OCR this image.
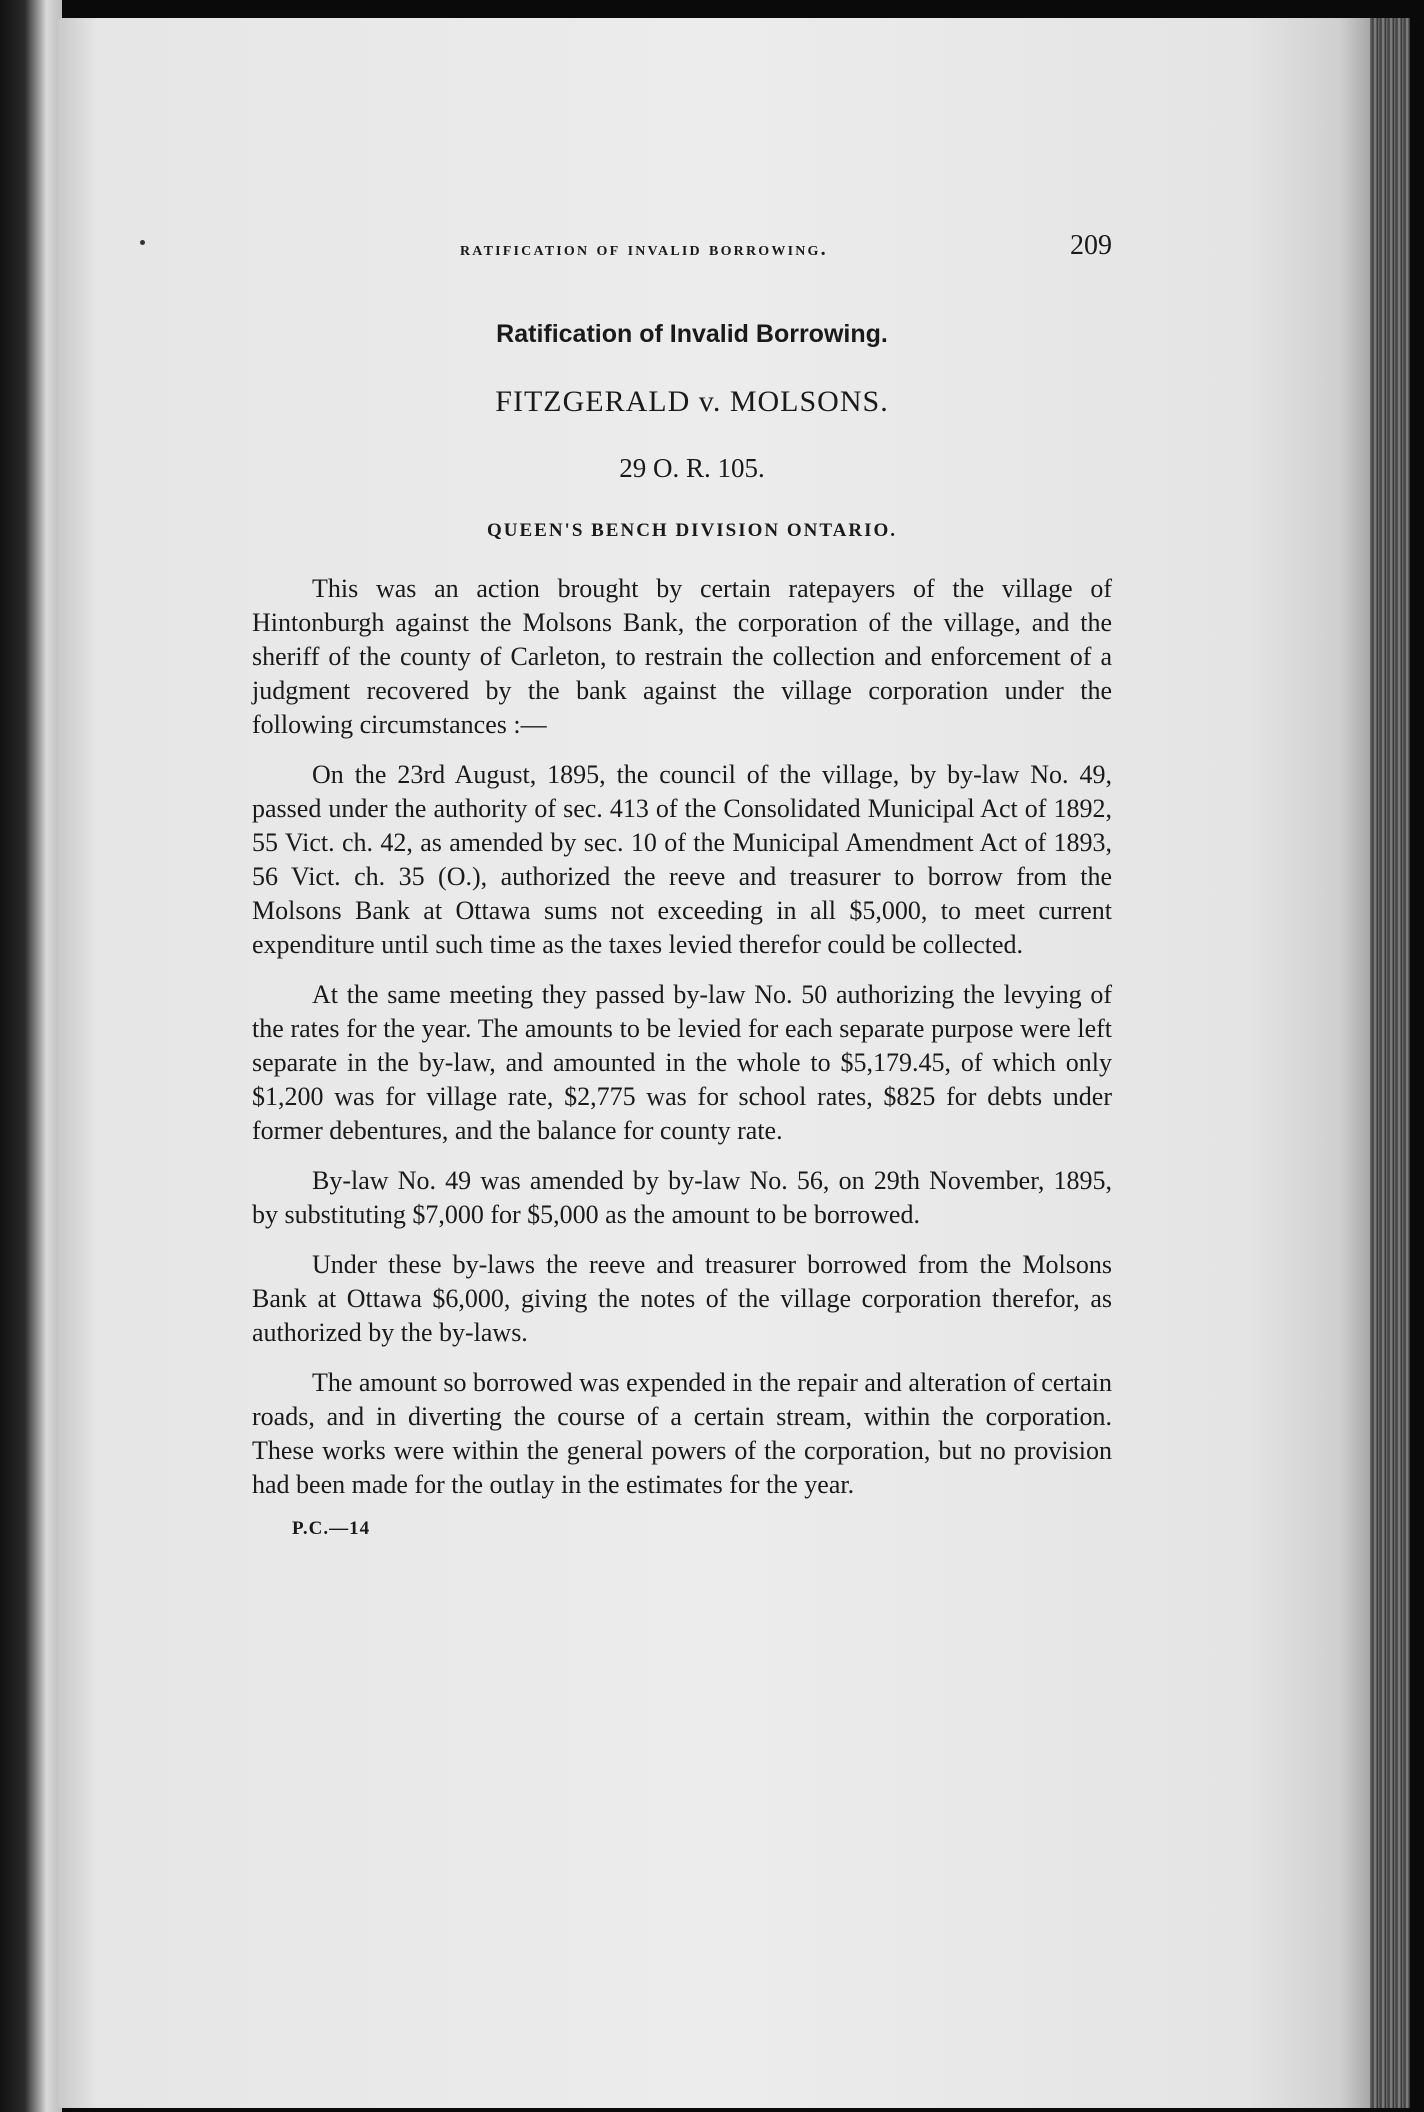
ratification of invalid borrowing.	209
Ratification of Invalid Borrowing.
FITZGERALD v. MOLSONS.
29 O. R. 105.
QUEEN'S BENCH DIVISION ONTARIO.

This was an action brought by certain ratepayers of the village of Hintonburgh against the Molsons Bank, the corporation of the village, and the sheriff of the county of Carleton, to restrain the collection and enforcement of a judgment recovered by the bank against the village corporation under the following circumstances :—

On the 23rd August, 1895, the council of the village, by by-law No. 49, passed under the authority of sec. 413 of the Consolidated Municipal Act of 1892, 55 Vict. ch. 42, as amended by sec. 10 of the Municipal Amendment Act of 1893, 56 Vict. ch. 35 (O.), authorized the reeve and treasurer to borrow from the Molsons Bank at Ottawa sums not exceeding in all $5,000, to meet current expenditure until such time as the taxes levied therefor could be collected.

At the same meeting they passed by-law No. 50 authorizing the levying of the rates for the year. The amounts to be levied for each separate purpose were left separate in the by-law, and amounted in the whole to $5,179.45, of which only $1,200 was for village rate, $2,775 was for school rates, $825 for debts under former debentures, and the balance for county rate.

By-law No. 49 was amended by by-law No. 56, on 29th November, 1895, by substituting $7,000 for $5,000 as the amount to be borrowed.

Under these by-laws the reeve and treasurer borrowed from the Molsons Bank at Ottawa $6,000, giving the notes of the village corporation therefor, as authorized by the by-laws.

The amount so borrowed was expended in the repair and alteration of certain roads, and in diverting the course of a certain stream, within the corporation. These works were within the general powers of the corporation, but no provision had been made for the outlay in the estimates for the year.

P.C.—14
